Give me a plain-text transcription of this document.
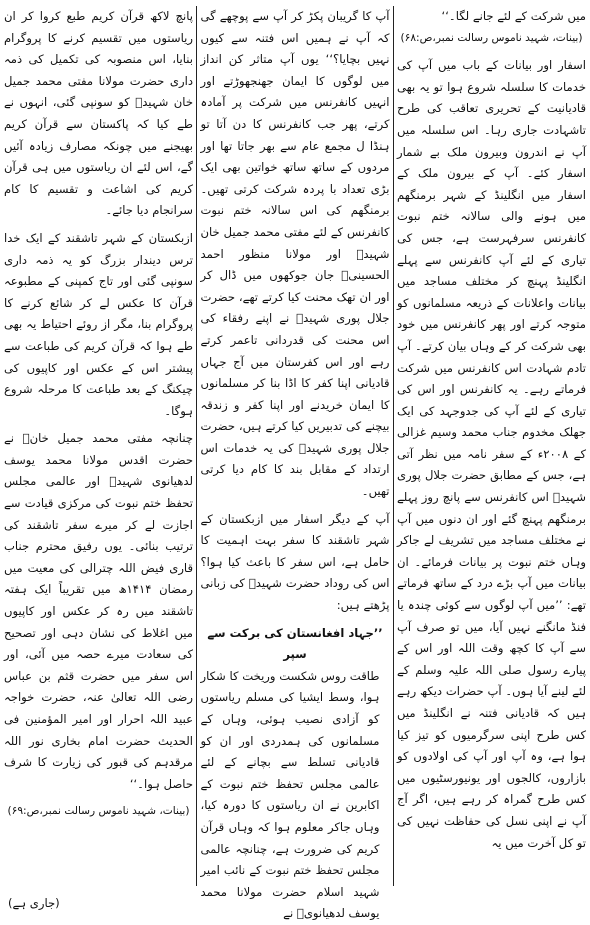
میں شرکت کے لئے جانے لگا۔‘‘

(بینات، شہید ناموس رسالت نمبر،ص:۶۸)

اسفار اور بیانات کے باب میں آپ کی خدمات کا سلسلہ شروع ہوا تو یہ بھی قادیانیت کے تحریری تعاقب کی طرح تاشہادت جاری رہا۔ اس سلسلہ میں آپ نے اندرون وبیرون ملک بے شمار اسفار کئے۔ آپ کے بیرون ملک کے اسفار میں انگلینڈ کے شہر برمنگھم میں ہونے والی سالانہ ختم نبوت کانفرنس سرفہرست ہے، جس کی تیاری کے لئے آپ کانفرنس سے پہلے انگلینڈ پہنچ کر مختلف مساجد میں بیانات واعلانات کے ذریعہ مسلمانوں کو متوجہ کرتے اور پھر کانفرنس میں خود بھی شرکت کر کے وہاں بیان کرتے۔ آپ تادم شہادت اس کانفرنس میں شرکت فرماتے رہے۔ یہ کانفرنس اور اس کی تیاری کے لئے آپ کی جدوجہد کی ایک جھلک مخدوم جناب محمد وسیم غزالی کے ۲۰۰۸ء کے سفر نامہ میں نظر آتی ہے، جس کے مطابق حضرت جلال پوری شہیدؒ اس کانفرنس سے پانچ روز پہلے برمنگھم پہنچ گئے اور ان دنوں میں آپ نے مختلف مساجد میں تشریف لے جاکر وہاں ختم نبوت پر بیانات فرمائے۔ ان بیانات میں آپ بڑے درد کے ساتھ فرماتے تھے: ’’میں آپ لوگوں سے کوئی چندہ یا فنڈ مانگنے نہیں آیا، میں تو صرف آپ سے آپ کا کچھ وقت اللہ اور اس کے پیارے رسول صلی اللہ علیہ وسلم کے لئے لینے آیا ہوں۔ آپ حضرات دیکھ رہے ہیں کہ قادیانی فتنہ نے انگلینڈ میں کس طرح اپنی سرگرمیوں کو تیز کیا ہوا ہے، وہ آپ اور آپ کی اولادوں کو بازاروں، کالجوں اور یونیورسٹیوں میں کس طرح گمراہ کر رہے ہیں، اگر آج آپ نے اپنی نسل کی حفاظت نہیں کی تو کل آخرت میں یہ

آپ کا گریبان پکڑ کر آپ سے پوچھے گی کہ آپ نے ہمیں اس فتنہ سے کیوں نہیں بچایا؟‘‘ یوں آپ متاثر کن انداز میں لوگوں کا ایمان جھنجھوڑتے اور انہیں کانفرنس میں شرکت پر آمادہ کرتے، پھر جب کانفرنس کا دن آتا تو ہنڈا ل مجمع عام سے بھر جاتا تھا اور مردوں کے ساتھ ساتھ خواتین بھی ایک بڑی تعداد با پردہ شرکت کرتی تھیں۔ برمنگھم کی اس سالانہ ختم نبوت کانفرنس کے لئے مفتی محمد جمیل خان شہیدؒ اور مولانا منظور احمد الحسینیؒ جان جوکھوں میں ڈال کر اور ان تھک محنت کیا کرتے تھے، حضرت جلال پوری شہیدؒ نے اپنے رفقاء کی اس محنت کی قدردانی تاعمر کرتے رہے اور اس کفرستان میں آج جہاں قادیانی اپنا کفر کا اڈا بنا کر مسلمانوں کا ایمان خریدنے اور اپنا کفر و زندقہ بیچنے کی تدبیریں کیا کرتے ہیں، حضرت جلال پوری شہیدؒ کی یہ خدمات اس ارتداد کے مقابل بند کا کام دیا کرتی تھیں۔

آپ کے دیگر اسفار میں ازبکستان کے شہر تاشقند کا سفر بہت اہمیت کا حامل ہے، اس سفر کا باعث کیا ہوا؟ اس کی روداد حضرت شہیدؒ کی زبانی پڑھتے ہیں:

’’جہاد افغانستان کی برکت سے سپر

طاقت روس شکست وریخت کا شکار ہوا، وسط ایشیا کی مسلم ریاستوں کو آزادی نصیب ہوئی، وہاں کے مسلمانوں کی ہمدردی اور ان کو قادیانی تسلط سے بچانے کے لئے عالمی مجلس تحفظ ختم نبوت کے اکابرین نے ان ریاستوں کا دورہ کیا، وہاں جاکر معلوم ہوا کہ وہاں قرآن کریم کی ضرورت ہے، چنانچہ عالمی مجلس تحفظ ختم نبوت کے نائب امیر شہید اسلام حضرت مولانا محمد یوسف لدھیانویؒ نے

پانچ لاکھ قرآن کریم طبع کروا کر ان ریاستوں میں تقسیم کرنے کا پروگرام بنایا، اس منصوبہ کی تکمیل کی ذمہ داری حضرت مولانا مفتی محمد جمیل خان شہیدؒ کو سونپی گئی، انہوں نے طے کیا کہ پاکستان سے قرآن کریم بھیجنے میں چونکہ مصارف زیادہ آئیں گے، اس لئے ان ریاستوں میں ہی قرآن کریم کی اشاعت و تقسیم کا کام سرانجام دیا جائے۔

ازبکستان کے شہر تاشقند کے ایک خدا ترس دیندار بزرگ کو یہ ذمہ داری سونپی گئی اور تاج کمپنی کے مطبوعہ قرآن کا عکس لے کر شائع کرنے کا پروگرام بنا، مگر از روئے احتیاط یہ بھی طے ہوا کہ قرآن کریم کی طباعت سے پیشتر اس کے عکس اور کاپیوں کی چیکنگ کے بعد طباعت کا مرحلہ شروع ہوگا۔

چنانچہ مفتی محمد جمیل خانؒ نے حضرت اقدس مولانا محمد یوسف لدھیانوی شہیدؒ اور عالمی مجلس تحفظ ختم نبوت کی مرکزی قیادت سے اجازت لے کر میرے سفر تاشقند کی ترتیب بنائی۔ یوں رفیق محترم جناب قاری فیض اللہ چترالی کی معیت میں رمضان ۱۴۱۴ھ میں تقریباً ایک ہفتہ تاشقند میں رہ کر عکس اور کاپیوں میں اغلاط کی نشان دہی اور تصحیح کی سعادت میرے حصہ میں آئی، اور اس سفر میں حضرت قثم بن عباس رضی اللہ تعالیٰ عنہ، حضرت خواجہ عبید اللہ احرار اور امیر المؤمنین فی الحدیث حضرت امام بخاری نور اللہ مرقدہم کی قبور کی زیارت کا شرف حاصل ہوا۔‘‘

(بینات، شہید ناموس رسالت نمبر،ص:۶۹)

(جاری ہے)
